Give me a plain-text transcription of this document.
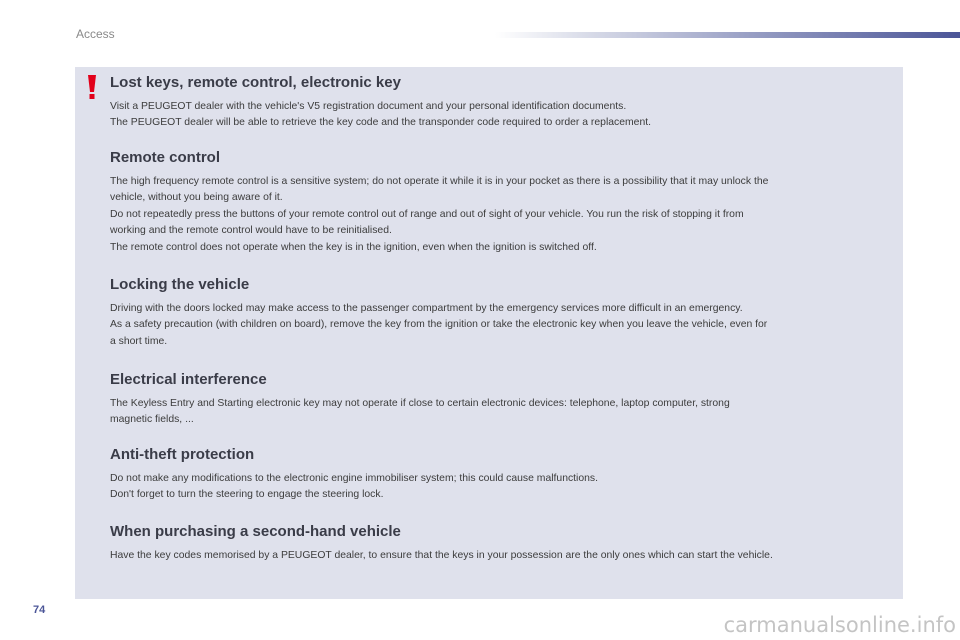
Access
Lost keys, remote control, electronic key

Visit a PEUGEOT dealer with the vehicle's V5 registration document and your personal identification documents.

The PEUGEOT dealer will be able to retrieve the key code and the transponder code required to order a replacement.

Remote control

The high frequency remote control is a sensitive system; do not operate it while it is in your pocket as there is a possibility that it may unlock the

vehicle, without you being aware of it.

Do not repeatedly press the buttons of your remote control out of range and out of sight of your vehicle. You run the risk of stopping it from

working and the remote control would have to be reinitialised.

The remote control does not operate when the key is in the ignition, even when the ignition is switched off.

Locking the vehicle

Driving with the doors locked may make access to the passenger compartment by the emergency services more difficult in an emergency.

As a safety precaution (with children on board), remove the key from the ignition or take the electronic key when you leave the vehicle, even for

a short time.

Electrical interference

The Keyless Entry and Starting electronic key may not operate if close to certain electronic devices: telephone, laptop computer, strong

magnetic fields, ...

Anti-theft protection

Do not make any modifications to the electronic engine immobiliser system; this could cause malfunctions.

Don't forget to turn the steering to engage the steering lock.

When purchasing a second-hand vehicle

Have the key codes memorised by a PEUGEOT dealer, to ensure that the keys in your possession are the only ones which can start the vehicle.

74
carmanualsonline.info
